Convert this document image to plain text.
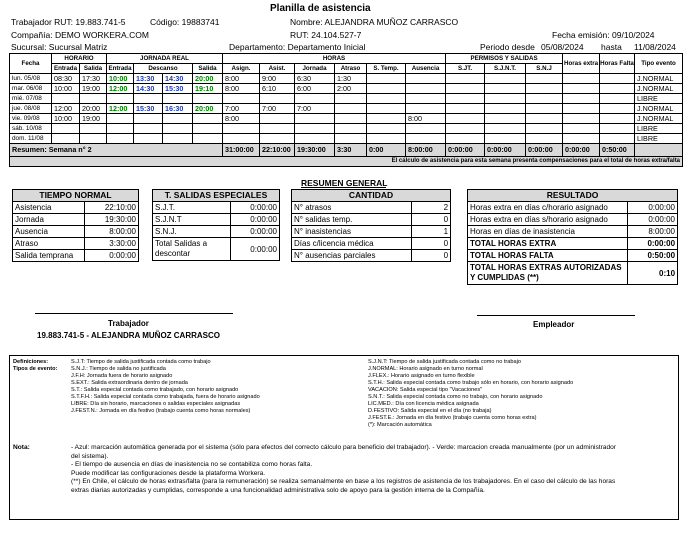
Planilla de asistencia
Trabajador RUT: 19.883.741-5	Código: 19883741	Nombre: ALEJANDRA MUÑOZ CARRASCO
Compañía: DEMO WORKERA.COM	RUT: 24.104.527-7	Fecha emisión: 09/10/2024
Sucursal: Sucursal Matriz	Departamento: Departamento Inicial	Periodo desde 05/08/2024 hasta 11/08/2024
Fecha	HORARIO		JORNADA REAL				HORAS						PERMISOS Y SALIDAS			Horas extra	Horas Falta	Tipo evento
	Entrada	Salida	Entrada	Descanso		Salida	Asign.	Asist.	Jornada	Atraso	S. Temp.	Ausencia	S.JT.	S.J.N.T.	S.N.J			
lun. 05/08	08:30	17:30	10:00	13:30	14:30	20:00	8:00	9:00	6:30	1:30								J.NORMAL
mar. 06/08	10:00	19:00	12:00	14:30	15:30	19:10	8:00	6:10	6:00	2:00								J.NORMAL
mié. 07/08																		LIBRE
jue. 08/08	12:00	20:00	12:00	15:30	16:30	20:00	7:00	7:00	7:00									J.NORMAL
vie. 09/08	10:00	19:00					8:00					8:00						J.NORMAL
sáb. 10/08																		LIBRE
dom. 11/08																		LIBRE
Resumen: Semana n° 2							31:00:00	22:10:00	19:30:00	3:30	0:00	8:00:00	0:00:00	0:00:00	0:00:00	0:00:00	0:50:00	
El cálculo de asistencia para esta semana presenta compensaciones para el total de horas extra/falta																		
RESUMEN GENERAL
TIEMPO NORMAL	
Asistencia	22:10:00
Jornada	19:30:00
Ausencia	8:00:00
Atraso	3:30:00
Salida temprana	0:00:00
T. SALIDAS ESPECIALES	
S.J.T.	0:00:00
S.J.N.T	0:00:00
S.N.J.	0:00:00
Total Salidas a descontar	0:00:00
CANTIDAD	
N° atrasos	2
N° salidas temp.	0
N° inasistencias	1
Días c/licencia médica	0
N° ausencias parciales	0
RESULTADO	
Horas extra en días c/horario asignado	0:00:00
Horas extra en días s/horario asignado	0:00:00
Horas en días de inasistencia	8:00:00
TOTAL HORAS EXTRA	0:00:00
TOTAL HORAS FALTA	0:50:00
TOTAL HORAS EXTRAS AUTORIZADAS Y CUMPLIDAS (**)	0:10
Trabajador
19.883.741-5 - ALEJANDRA MUÑOZ CARRASCO
Empleador
Definiciones:
Tipos de evento:
S.J.T: Tiempo de salida justificada contada como trabajo
S.N.J.: Tiempo de salida no justificada
J.F.H: Jornada fuera de horario asignado
S.EXT.: Salida extraordinaria dentro de jornada
S.T.: Salida especial contada como trabajado, con horario asignado
S.T.F.H.: Salida especial contada como trabajada, fuera de horario asignado
LIBRE: Día sin horario, marcaciones o salidas especiales asignadas
J.FEST.N.: Jornada en día festivo (trabajo cuenta como horas normales)
S.J.N.T: Tiempo de salida justificada contada como no trabajo
J.NORMAL: Horario asignado en turno normal
J.FLEX.: Horario asignado en turno flexible
S.T.H.: Salida especial contada como trabajo sólo en horario, con horario asignado
VACACION: Salida especial tipo "Vacaciones"
S.N.T.: Salida especial contada como no trabajo, con horario asignado
LIC.MED.: Día con licencia médica asignada
D.FESTIVO: Salida especial en el día (no trabaja)
J.FEST.E.: Jornada en día festivo (trabajo cuenta como horas extra)
(*): Marcación automática
Nota:	- Azul: marcación automática generada por el sistema (sólo para efectos del correcto cálculo para beneficio del trabajador). - Verde: marcacion creada manualmente (por un administrador
del sistema).
- El tiempo de ausencia en días de inasistencia no se contabiliza como horas falta.
Puede modificar las configuraciones desde la plataforma Workera.
(**) En Chile, el cálculo de horas extras/falta (para la remuneración) se realiza semanalmente en base a los registros de asistencia de los trabajadores. En el caso del cálculo de las horas
extras diarias autorizadas y cumplidas, corresponde a una funcionalidad administrativa solo de apoyo para la gestión interna de la Compañía.
